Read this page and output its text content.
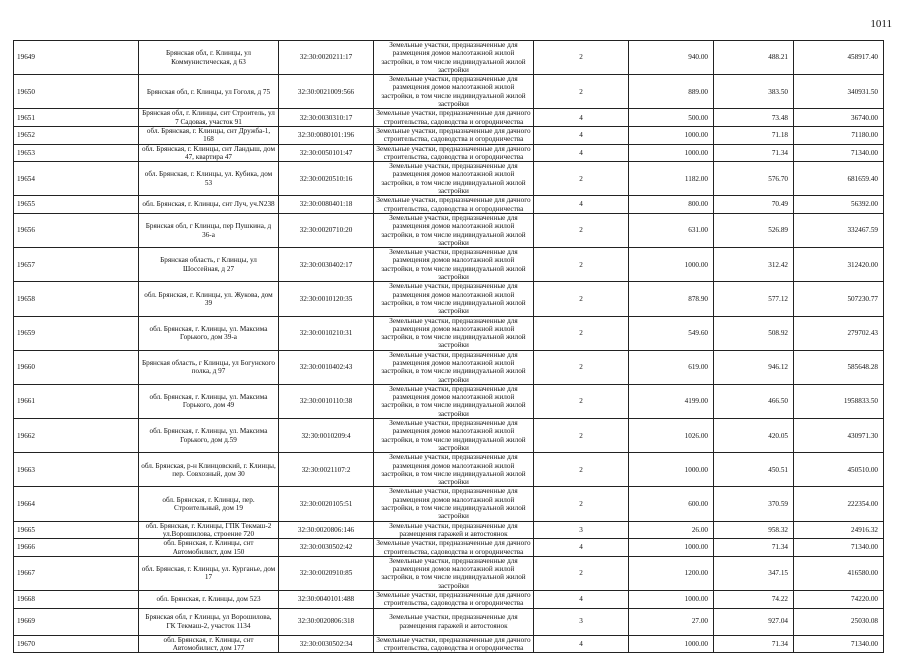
1011
19649	Брянская обл, г. Клинцы, ул Коммунистическая, д 63	32:30:0020211:17	Земельные участки, предназначенные для размещения домов малоэтажной жилой застройки, в том числе индивидуальной жилой застройки	2	940.00	488.21	458917.40
19650	Брянская обл, г. Клинцы, ул Гоголя, д 75	32:30:0021009:566	Земельные участки, предназначенные для размещения домов малоэтажной жилой застройки, в том числе индивидуальной жилой застройки	2	889.00	383.50	340931.50
19651	Брянская обл, г. Клинцы, снт Строитель, ул 7 Садовая, участок 91	32:30:0030310:17	Земельные участки, предназначенные для дачного строительства, садоводства и огородничества	4	500.00	73.48	36740.00
19652	обл. Брянская, г. Клинцы, снт Дружба-1, 168	32:30:0080101:196	Земельные участки, предназначенные для дачного строительства, садоводства и огородничества	4	1000.00	71.18	71180.00
19653	обл. Брянская, г. Клинцы, снт Ландыш, дом 47, квартира 47	32:30:0050101:47	Земельные участки, предназначенные для дачного строительства, садоводства и огородничества	4	1000.00	71.34	71340.00
19654	обл. Брянская, г. Клинцы, ул. Кубика, дом 53	32:30:0020510:16	Земельные участки, предназначенные для размещения домов малоэтажной жилой застройки, в том числе индивидуальной жилой застройки	2	1182.00	576.70	681659.40
19655	обл. Брянская, г. Клинцы, снт Луч, уч.N238	32:30:0080401:18	Земельные участки, предназначенные для дачного строительства, садоводства и огородничества	4	800.00	70.49	56392.00
19656	Брянская обл, г Клинцы, пер Пушкина, д 36-а	32:30:0020710:20	Земельные участки, предназначенные для размещения домов малоэтажной жилой застройки, в том числе индивидуальной жилой застройки	2	631.00	526.89	332467.59
19657	Брянская область, г Клинцы, ул Шоссейная, д 27	32:30:0030402:17	Земельные участки, предназначенные для размещения домов малоэтажной жилой застройки, в том числе индивидуальной жилой застройки	2	1000.00	312.42	312420.00
19658	обл. Брянская, г. Клинцы, ул. Жукова, дом 39	32:30:0010120:35	Земельные участки, предназначенные для размещения домов малоэтажной жилой застройки, в том числе индивидуальной жилой застройки	2	878.90	577.12	507230.77
19659	обл. Брянская, г. Клинцы, ул. Максима Горького, дом 39-а	32:30:0010210:31	Земельные участки, предназначенные для размещения домов малоэтажной жилой застройки, в том числе индивидуальной жилой застройки	2	549.60	508.92	279702.43
19660	Брянская область, г Клинцы, ул Богунского полка, д 97	32:30:0010402:43	Земельные участки, предназначенные для размещения домов малоэтажной жилой застройки, в том числе индивидуальной жилой застройки	2	619.00	946.12	585648.28
19661	обл. Брянская, г. Клинцы, ул. Максима Горького, дом 49	32:30:0010110:38	Земельные участки, предназначенные для размещения домов малоэтажной жилой застройки, в том числе индивидуальной жилой застройки	2	4199.00	466.50	1958833.50
19662	обл. Брянская, г. Клинцы, ул. Максима Горького, дом д.59	32:30:0010209:4	Земельные участки, предназначенные для размещения домов малоэтажной жилой застройки, в том числе индивидуальной жилой застройки	2	1026.00	420.05	430971.30
19663	обл. Брянская, р-н Клинцовский, г. Клинцы, пер. Совхозный, дом 30	32:30:0021107:2	Земельные участки, предназначенные для размещения домов малоэтажной жилой застройки, в том числе индивидуальной жилой застройки	2	1000.00	450.51	450510.00
19664	обл. Брянская, г. Клинцы, пер. Строительный, дом 19	32:30:0020105:51	Земельные участки, предназначенные для размещения домов малоэтажной жилой застройки, в том числе индивидуальной жилой застройки	2	600.00	370.59	222354.00
19665	обл. Брянская, г. Клинцы, ГПК Текмаш-2 ул.Ворошилова, строение 720	32:30:0020806:146	Земельные участки, предназначенные для размещения гаражей и автостоянок	3	26.00	958.32	24916.32
19666	обл. Брянская, г. Клинцы, снт Автомобилист, дом 150	32:30:0030502:42	Земельные участки, предназначенные для дачного строительства, садоводства и огородничества	4	1000.00	71.34	71340.00
19667	обл. Брянская, г. Клинцы, ул. Курганье, дом 17	32:30:0020910:85	Земельные участки, предназначенные для размещения домов малоэтажной жилой застройки, в том числе индивидуальной жилой застройки	2	1200.00	347.15	416580.00
19668	обл. Брянская, г. Клинцы, дом 523	32:30:0040101:488	Земельные участки, предназначенные для дачного строительства, садоводства и огородничества	4	1000.00	74.22	74220.00
19669	Брянская обл, г Клинцы, ул Ворошилова, ГК Текмаш-2, участок 1134	32:30:0020806:318	Земельные участки, предназначенные для размещения гаражей и автостоянок	3	27.00	927.04	25030.08
19670	обл. Брянская, г. Клинцы, снт Автомобилист, дом 177	32:30:0030502:34	Земельные участки, предназначенные для дачного строительства, садоводства и огородничества	4	1000.00	71.34	71340.00
